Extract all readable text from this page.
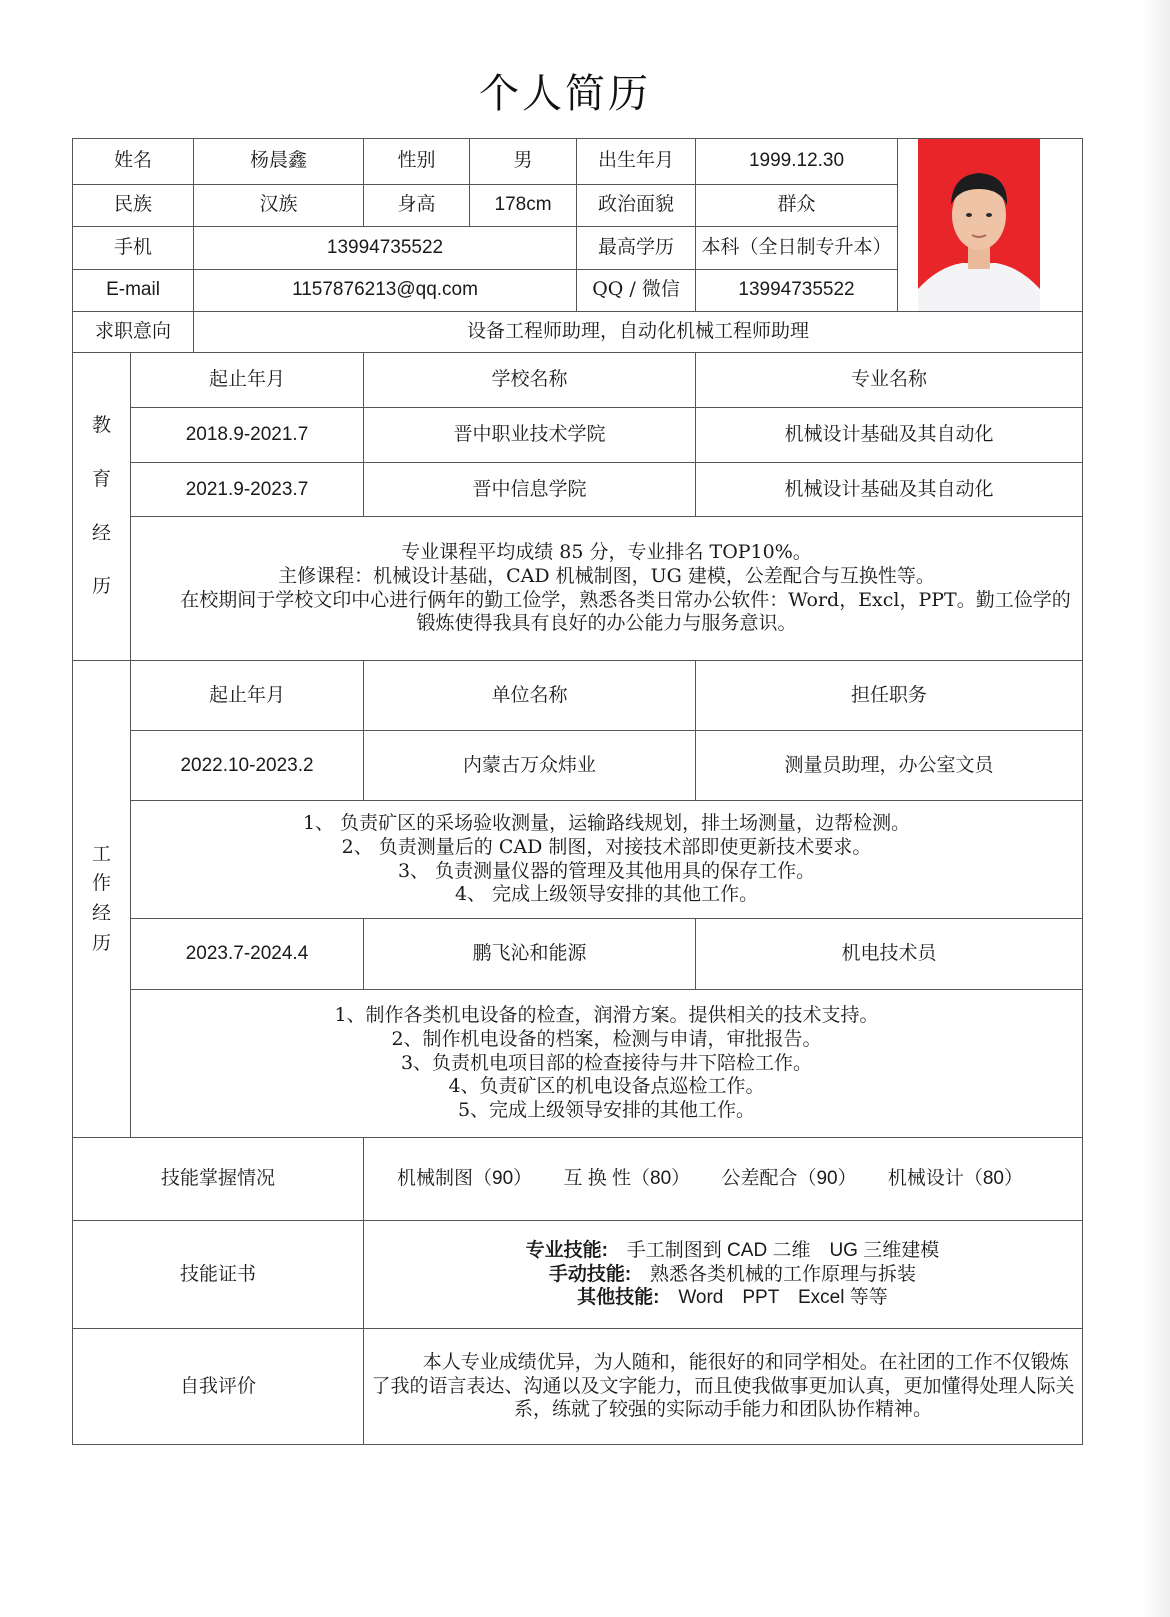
个人简历
姓名		杨晨鑫	性别	男	出生年月	1999.12.30	

民族		汉族	身高	178cm	政治面貌	群众	
手机		13994735522			最高学历	本科（全日制专升本）	
E-mail		1157876213@qq.com			QQ / 微信	13994735522	
求职意向		设备工程师助理，自动化机械工程师助理					

教
育
经
历	起止年月		学校名称			专业名称	
	2018.9-2021.7		晋中职业技术学院			机械设计基础及其自动化	
	2021.9-2023.7		晋中信息学院			机械设计基础及其自动化	

	专业课程平均成绩 85 分，专业排名 TOP10%。

主修课程：机械设计基础，CAD 机械制图，UG 建模，公差配合与互换性等。

在校期间于学校文印中心进行俩年的勤工俭学，熟悉各类日常办公软件：Word，Excl，PPT。勤工俭学的锻炼使得我具有良好的办公能力与服务意识。						

工
作
经
历	起止年月		单位名称			担任职务	
	2022.10-2023.2		内蒙古万众炜业			测量员助理，办公室文员	

	1、 负责矿区的采场验收测量，运输路线规划，排土场测量，边帮检测。

2、 负责测量后的 CAD 制图，对接技术部即使更新技术要求。

3、 负责测量仪器的管理及其他用具的保存工作。

4、 完成上级领导安排的其他工作。						

	2023.7-2024.4		鹏飞沁和能源			机电技术员	

	1、制作各类机电设备的检查，润滑方案。提供相关的技术支持。

2、制作机电设备的档案，检测与申请，审批报告。

3、负责机电项目部的检查接待与井下陪检工作。

4、负责矿区的机电设备点巡检工作。

5、完成上级领导安排的其他工作。						

技能掌握情况			机械制图（90） 互 换 性（80） 公差配合（90） 机械设计（80）				
技能证书			专业技能: 手工制图到 CAD 二维　UG 三维建模

手动技能: 熟悉各类机械的工作原理与拆装

其他技能: Word　PPT　Excel 等等				

自我评价			本人专业成绩优异，为人随和，能很好的和同学相处。在社团的工作不仅锻炼了我的语言表达、沟通以及文字能力，而且使我做事更加认真，更加懂得处理人际关系，练就了较强的实际动手能力和团队协作精神。				
